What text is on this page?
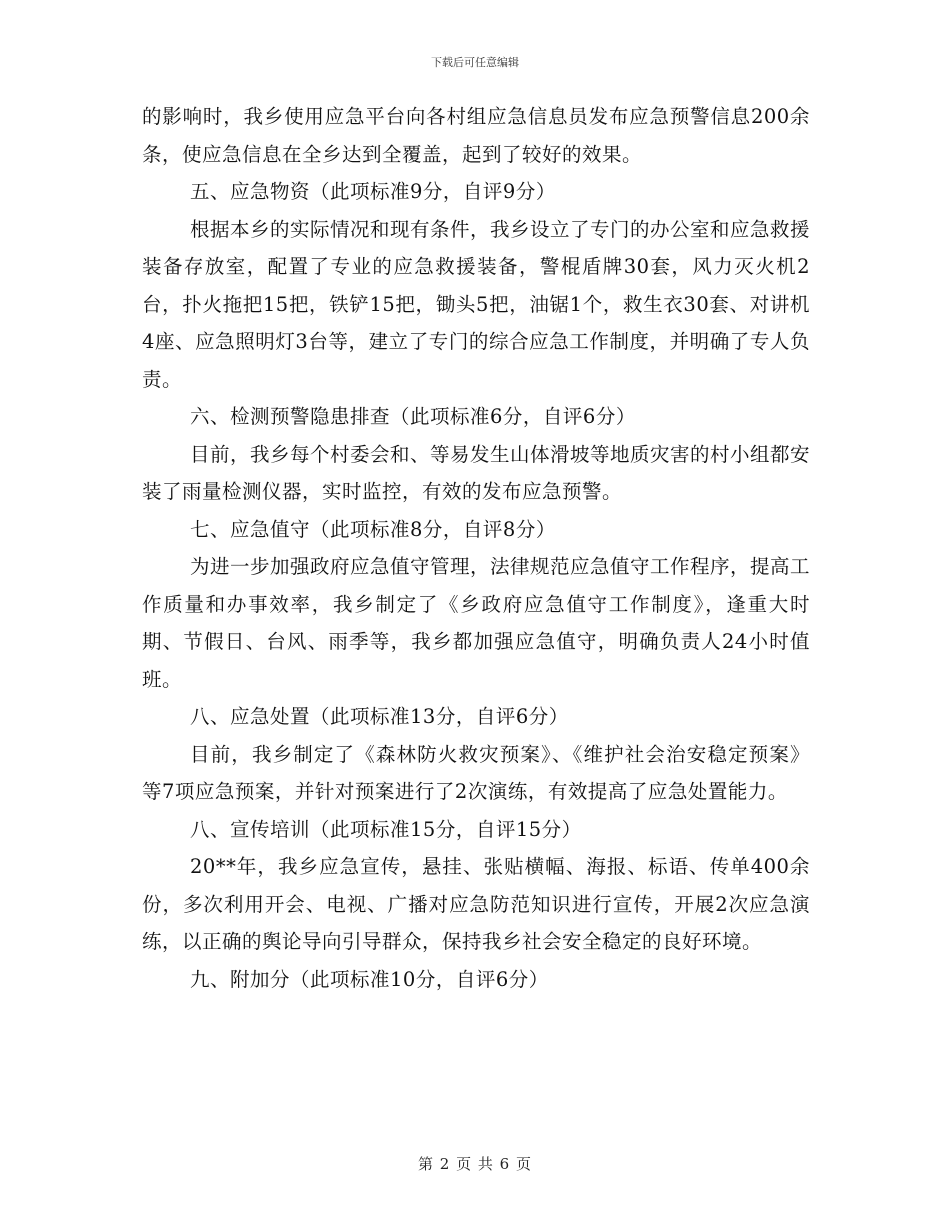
下载后可任意编辑

的影响时，我乡使用应急平台向各村组应急信息员发布应急预警信息200余条，使应急信息在全乡达到全覆盖，起到了较好的效果。

五、应急物资（此项标准9分，自评9分）

根据本乡的实际情况和现有条件，我乡设立了专门的办公室和应急救援装备存放室，配置了专业的应急救援装备，警棍盾牌30套，风力灭火机2台，扑火拖把15把，铁铲15把，锄头5把，油锯1个，救生衣30套、对讲机4座、应急照明灯3台等，建立了专门的综合应急工作制度，并明确了专人负责。

六、检测预警隐患排查（此项标准6分，自评6分）

目前，我乡每个村委会和、等易发生山体滑坡等地质灾害的村小组都安装了雨量检测仪器，实时监控，有效的发布应急预警。

七、应急值守（此项标准8分，自评8分）

为进一步加强政府应急值守管理，法律规范应急值守工作程序，提高工作质量和办事效率，我乡制定了《乡政府应急值守工作制度》，逢重大时期、节假日、台风、雨季等，我乡都加强应急值守，明确负责人24小时值班。

八、应急处置（此项标准13分，自评6分）

目前，我乡制定了《森林防火救灾预案》、《维护社会治安稳定预案》等7项应急预案，并针对预案进行了2次演练，有效提高了应急处置能力。

八、宣传培训（此项标准15分，自评15分）

20**年，我乡应急宣传，悬挂、张贴横幅、海报、标语、传单400余份，多次利用开会、电视、广播对应急防范知识进行宣传，开展2次应急演练，以正确的舆论导向引导群众，保持我乡社会安全稳定的良好环境。

九、附加分（此项标准10分，自评6分）

第 2 页 共 6 页
